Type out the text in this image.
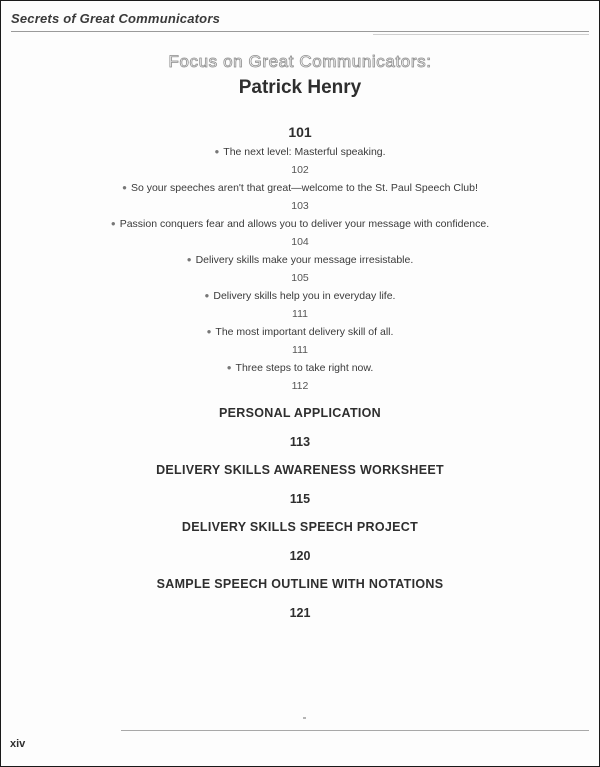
Secrets of Great Communicators
Focus on Great Communicators:
Patrick Henry
101
● The next level: Masterful speaking.
102
● So your speeches aren't that great—welcome to the St. Paul Speech Club!
103
● Passion conquers fear and allows you to deliver your message with confidence.
104
● Delivery skills make your message irresistable.
105
● Delivery skills help you in everyday life.
111
● The most important delivery skill of all.
111
● Three steps to take right now.
112
PERSONAL APPLICATION
113
DELIVERY SKILLS AWARENESS WORKSHEET
115
DELIVERY SKILLS SPEECH PROJECT
120
SAMPLE SPEECH OUTLINE WITH NOTATIONS
121
xiv
